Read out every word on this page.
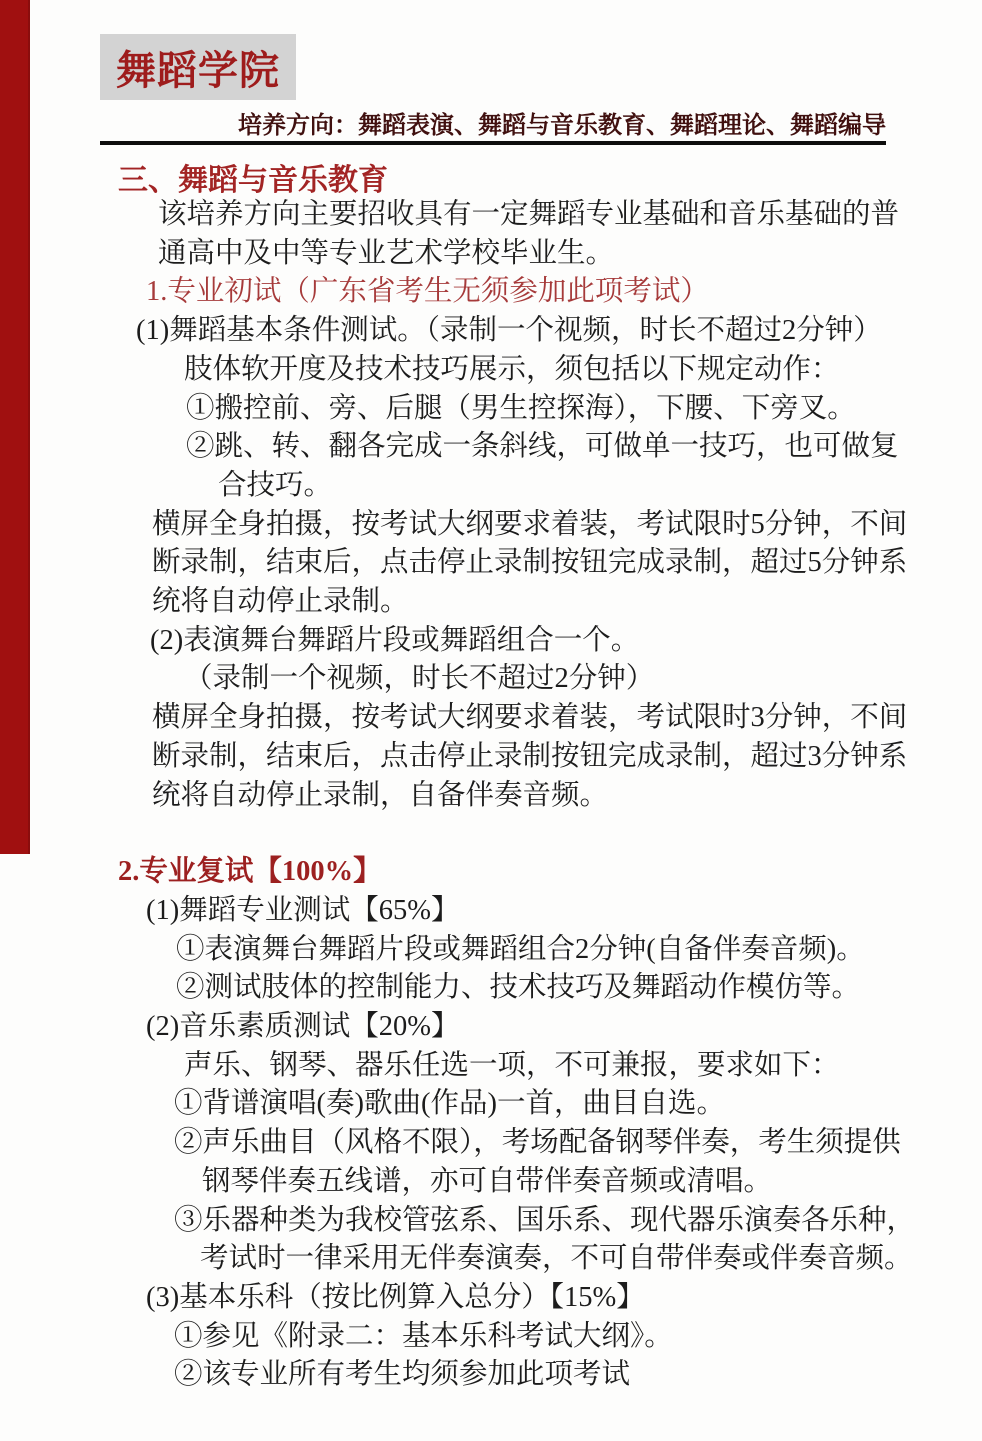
舞蹈学院
培养方向：舞蹈表演、舞蹈与音乐教育、舞蹈理论、舞蹈编导
三、舞蹈与音乐教育
该培养方向主要招收具有一定舞蹈专业基础和音乐基础的普
通高中及中等专业艺术学校毕业生。
1.专业初试（广东省考生无须参加此项考试）
(1)舞蹈基本条件测试。（录制一个视频，时长不超过2分钟）
肢体软开度及技术技巧展示，须包括以下规定动作：
①搬控前、旁、后腿（男生控探海），下腰、下旁叉。
②跳、转、翻各完成一条斜线，可做单一技巧，也可做复
合技巧。
横屏全身拍摄，按考试大纲要求着装，考试限时5分钟，不间
断录制，结束后，点击停止录制按钮完成录制，超过5分钟系
统将自动停止录制。
(2)表演舞台舞蹈片段或舞蹈组合一个。
（录制一个视频，时长不超过2分钟）
横屏全身拍摄，按考试大纲要求着装，考试限时3分钟，不间
断录制，结束后，点击停止录制按钮完成录制，超过3分钟系
统将自动停止录制，自备伴奏音频。
2.专业复试【100%】
(1)舞蹈专业测试【65%】
①表演舞台舞蹈片段或舞蹈组合2分钟(自备伴奏音频)。
②测试肢体的控制能力、技术技巧及舞蹈动作模仿等。
(2)音乐素质测试【20%】
声乐、钢琴、器乐任选一项，不可兼报，要求如下：
①背谱演唱(奏)歌曲(作品)一首，曲目自选。
②声乐曲目（风格不限），考场配备钢琴伴奏，考生须提供
钢琴伴奏五线谱，亦可自带伴奏音频或清唱。
③乐器种类为我校管弦系、国乐系、现代器乐演奏各乐种，
考试时一律采用无伴奏演奏，不可自带伴奏或伴奏音频。
(3)基本乐科（按比例算入总分）【15%】
①参见《附录二：基本乐科考试大纲》。
②该专业所有考生均须参加此项考试
